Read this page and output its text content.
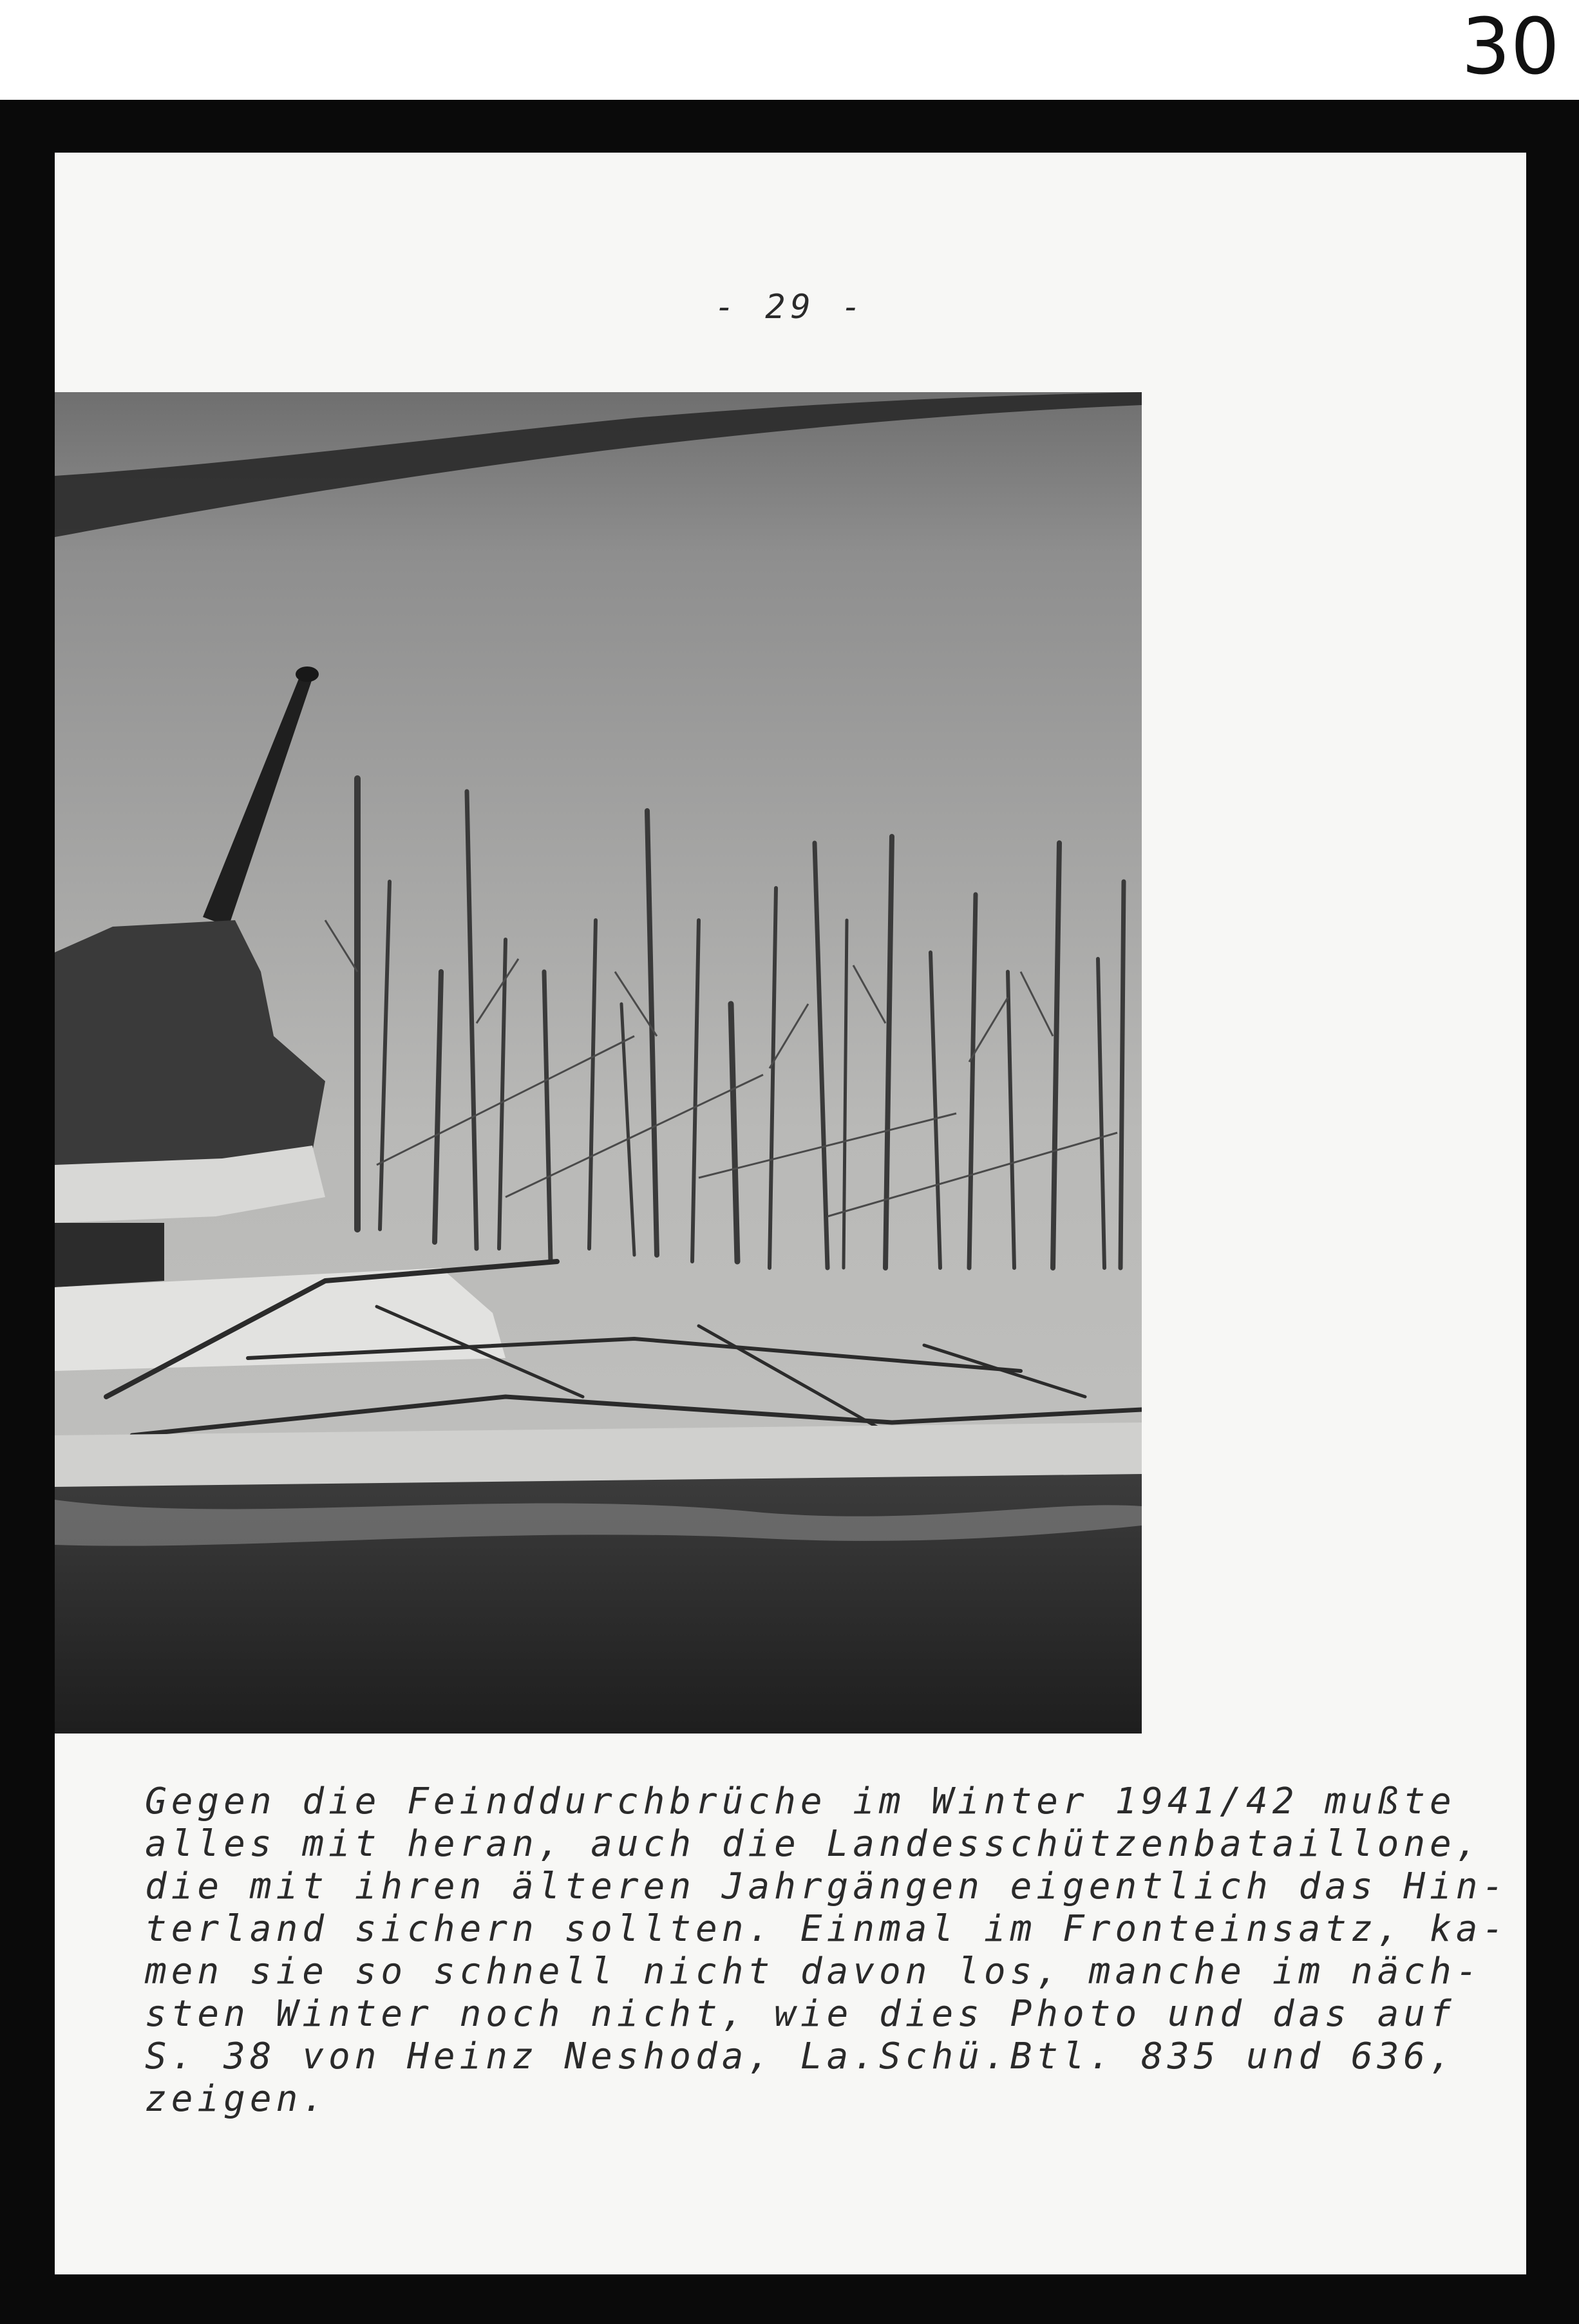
30
- 29 -
Gegen die Feinddurchbrüche im Winter 1941/42 mußte
alles mit heran, auch die Landesschützenbataillone,
die mit ihren älteren Jahrgängen eigentlich das Hin-
terland sichern sollten. Einmal im Fronteinsatz, ka-
men sie so schnell nicht davon los, manche im näch-
sten Winter noch nicht, wie dies Photo und das auf
S. 38 von Heinz Neshoda, La.Schü.Btl. 835 und 636,
zeigen.
